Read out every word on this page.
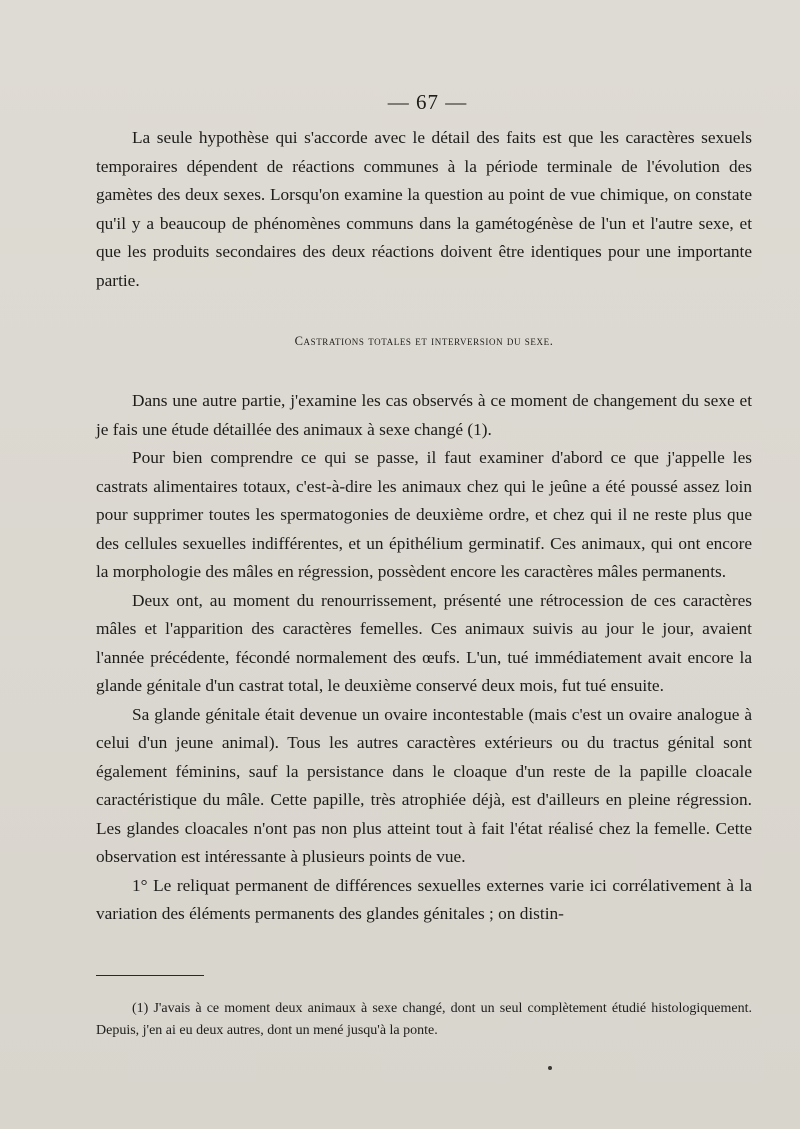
— 67 —

La seule hypothèse qui s'accorde avec le détail des faits est que les caractères sexuels temporaires dépendent de réactions communes à la période terminale de l'évolution des gamètes des deux sexes. Lorsqu'on examine la question au point de vue chimique, on constate qu'il y a beaucoup de phénomènes communs dans la gamétogénèse de l'un et l'autre sexe, et que les produits secondaires des deux réactions doivent être identiques pour une importante partie.

Castrations totales et interversion du sexe.

Dans une autre partie, j'examine les cas observés à ce moment de changement du sexe et je fais une étude détaillée des animaux à sexe changé (1).

Pour bien comprendre ce qui se passe, il faut examiner d'abord ce que j'appelle les castrats alimentaires totaux, c'est-à-dire les animaux chez qui le jeûne a été poussé assez loin pour supprimer toutes les spermatogonies de deuxième ordre, et chez qui il ne reste plus que des cellules sexuelles indifférentes, et un épithélium germinatif. Ces animaux, qui ont encore la morphologie des mâles en régression, possèdent encore les caractères mâles permanents.

Deux ont, au moment du renourrissement, présenté une rétrocession de ces caractères mâles et l'apparition des caractères femelles. Ces animaux suivis au jour le jour, avaient l'année précédente, fécondé normalement des œufs. L'un, tué immédiatement avait encore la glande génitale d'un castrat total, le deuxième conservé deux mois, fut tué ensuite.

Sa glande génitale était devenue un ovaire incontestable (mais c'est un ovaire analogue à celui d'un jeune animal). Tous les autres caractères extérieurs ou du tractus génital sont également féminins, sauf la persistance dans le cloaque d'un reste de la papille cloacale caractéristique du mâle. Cette papille, très atrophiée déjà, est d'ailleurs en pleine régression. Les glandes cloacales n'ont pas non plus atteint tout à fait l'état réalisé chez la femelle. Cette observation est intéressante à plusieurs points de vue.

1° Le reliquat permanent de différences sexuelles externes varie ici corrélativement à la variation des éléments permanents des glandes génitales ; on distin-

(1) J'avais à ce moment deux animaux à sexe changé, dont un seul complètement étudié histologiquement. Depuis, j'en ai eu deux autres, dont un mené jusqu'à la ponte.
